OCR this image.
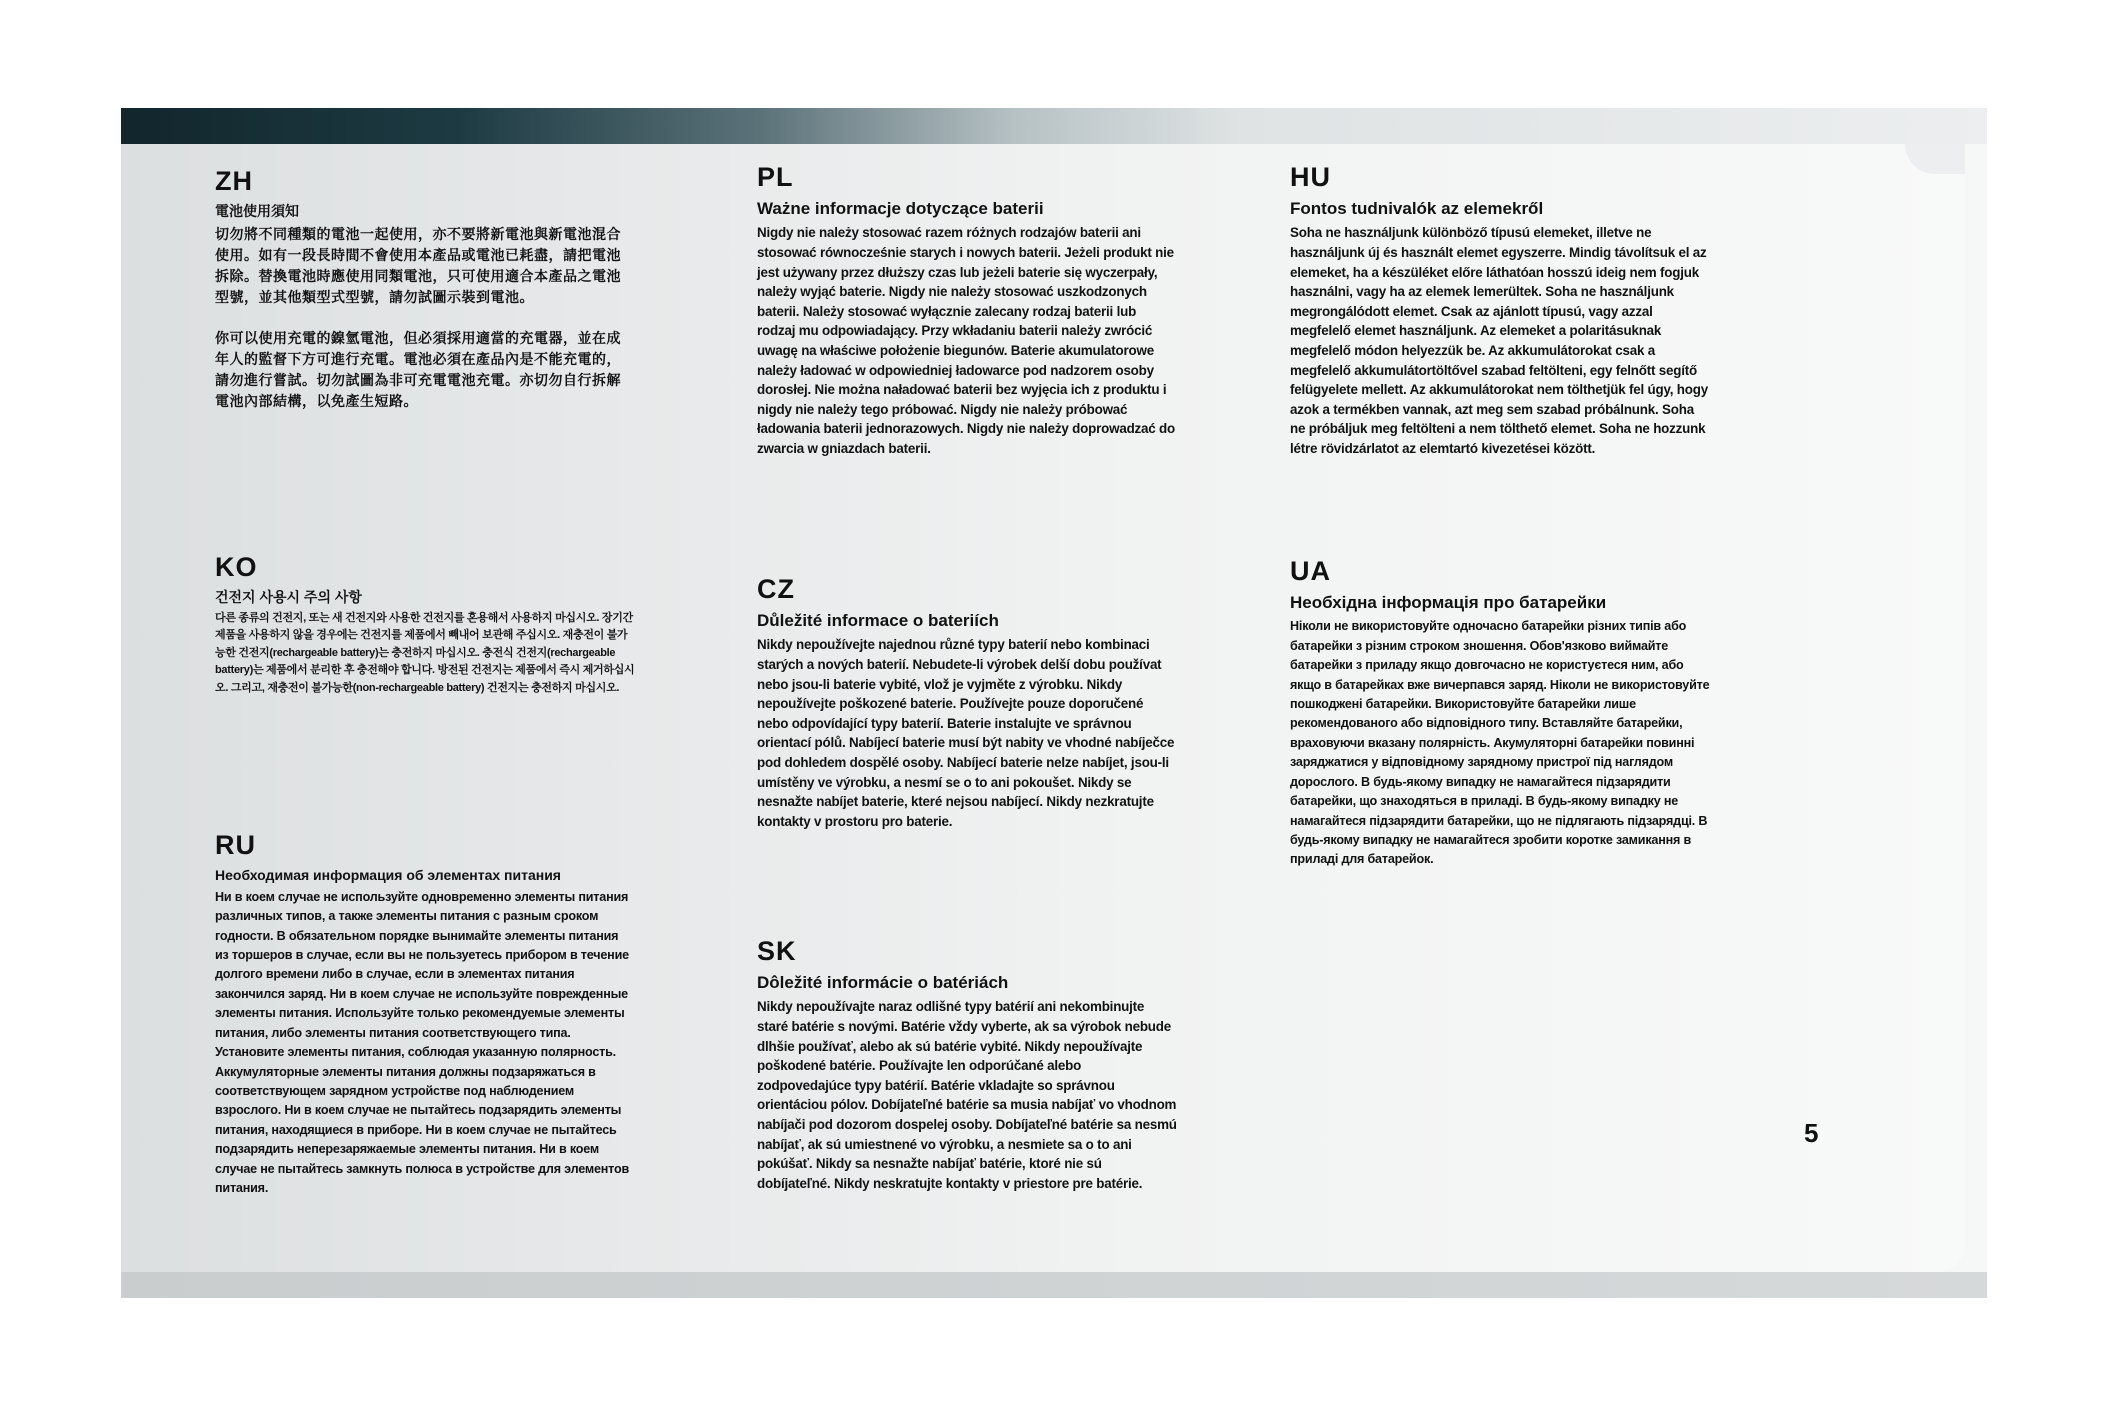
ZH
電池使用須知

切勿將不同種類的電池一起使用，亦不要將新電池與新電池混合使用。如有一段長時間不會使用本產品或電池已耗盡，請把電池拆除。替換電池時應使用同類電池，只可使用適合本產品之電池型號，並其他類型式型號，請勿試圖示裝到電池。

你可以使用充電的鎳氫電池，但必須採用適當的充電器，並在成年人的監督下方可進行充電。電池必須在產品內是不能充電的，請勿進行嘗試。切勿試圖為非可充電電池充電。亦切勿自行拆解電池內部結構，以免產生短路。

KO
건전지 사용시 주의 사항

다른 종류의 건전지, 또는 새 건전지와 사용한 건전지를 혼용해서 사용하지 마십시오. 장기간 제품을 사용하지 않을 경우에는 건전지를 제품에서 빼내어 보관해 주십시오. 재충전이 불가능한 건전지(rechargeable battery)는 충전하지 마십시오. 충전식 건전지(rechargeable battery)는 제품에서 분리한 후 충전해야 합니다. 방전된 건전지는 제품에서 즉시 제거하십시오. 그리고, 재충전이 불가능한(non-rechargeable battery) 건전지는 충전하지 마십시오.

RU
Необходимая информация об элементах питания

Ни в коем случае не используйте одновременно элементы питания различных типов, а также элементы питания с разным сроком годности. В обязательном порядке вынимайте элементы питания из торшеров в случае, если вы не пользуетесь прибором в течение долгого времени либо в случае, если в элементах питания закончился заряд. Ни в коем случае не используйте поврежденные элементы питания. Используйте только рекомендуемые элементы питания, либо элементы питания соответствующего типа. Установите элементы питания, соблюдая указанную полярность. Аккумуляторные элементы питания должны подзаряжаться в соответствующем зарядном устройстве под наблюдением взрослого. Ни в коем случае не пытайтесь подзарядить элементы питания, находящиеся в приборе. Ни в коем случае не пытайтесь подзарядить неперезаряжаемые элементы питания. Ни в коем случае не пытайтесь замкнуть полюса в устройстве для элементов питания.

PL
Ważne informacje dotyczące baterii

Nigdy nie należy stosować razem różnych rodzajów baterii ani stosować równocześnie starych i nowych baterii. Jeżeli produkt nie jest używany przez dłuższy czas lub jeżeli baterie się wyczerpały, należy wyjąć baterie. Nigdy nie należy stosować uszkodzonych baterii. Należy stosować wyłącznie zalecany rodzaj baterii lub rodzaj mu odpowiadający. Przy wkładaniu baterii należy zwrócić uwagę na właściwe położenie biegunów. Baterie akumulatorowe należy ładować w odpowiedniej ładowarce pod nadzorem osoby dorosłej. Nie można naładować baterii bez wyjęcia ich z produktu i nigdy nie należy tego próbować. Nigdy nie należy próbować ładowania baterii jednorazowych. Nigdy nie należy doprowadzać do zwarcia w gniazdach baterii.

CZ
Důležité informace o bateriích

Nikdy nepoužívejte najednou různé typy baterií nebo kombinaci starých a nových baterií. Nebudete-li výrobek delší dobu používat nebo jsou-li baterie vybité, vlož je vyjměte z výrobku. Nikdy nepoužívejte poškozené baterie. Používejte pouze doporučené nebo odpovídající typy baterií. Baterie instalujte ve správnou orientací pólů. Nabíjecí baterie musí být nabity ve vhodné nabíječce pod dohledem dospělé osoby. Nabíjecí baterie nelze nabíjet, jsou-li umístěny ve výrobku, a nesmí se o to ani pokoušet. Nikdy se nesnažte nabíjet baterie, které nejsou nabíjecí. Nikdy nezkratujte kontakty v prostoru pro baterie.

SK
Dôležité informácie o batériách

Nikdy nepoužívajte naraz odlišné typy batérií ani nekombinujte staré batérie s novými. Batérie vždy vyberte, ak sa výrobok nebude dlhšie používať, alebo ak sú batérie vybité. Nikdy nepoužívajte poškodené batérie. Používajte len odporúčané alebo zodpovedajúce typy batérií. Batérie vkladajte so správnou orientáciou pólov. Dobíjateľné batérie sa musia nabíjať vo vhodnom nabíjači pod dozorom dospelej osoby. Dobíjateľné batérie sa nesmú nabíjať, ak sú umiestnené vo výrobku, a nesmiete sa o to ani pokúšať. Nikdy sa nesnažte nabíjať batérie, ktoré nie sú dobíjateľné. Nikdy neskratujte kontakty v priestore pre batérie.

HU
Fontos tudnivalók az elemekről

Soha ne használjunk különböző típusú elemeket, illetve ne használjunk új és használt elemet egyszerre. Mindig távolítsuk el az elemeket, ha a készüléket előre láthatóan hosszú ideig nem fogjuk használni, vagy ha az elemek lemerültek. Soha ne használjunk megrongálódott elemet. Csak az ajánlott típusú, vagy azzal megfelelő elemet használjunk. Az elemeket a polaritásuknak megfelelő módon helyezzük be. Az akkumulátorokat csak a megfelelő akkumulátortöltővel szabad feltölteni, egy felnőtt segítő felügyelete mellett. Az akkumulátorokat nem tölthetjük fel úgy, hogy azok a termékben vannak, azt meg sem szabad próbálnunk. Soha ne próbáljuk meg feltölteni a nem tölthető elemet. Soha ne hozzunk létre rövidzárlatot az elemtartó kivezetései között.

UA
Необхідна інформація про батарейки

Ніколи не використовуйте одночасно батарейки різних типів або батарейки з різним строком зношення. Обов'язково виймайте батарейки з приладу якщо довгочасно не користуєтеся ним, або якщо в батарейках вже вичерпався заряд. Ніколи не використовуйте пошкоджені батарейки. Використовуйте батарейки лише рекомендованого або відповідного типу. Вставляйте батарейки, враховуючи вказану полярність. Акумуляторні батарейки повинні заряджатися у відповідному зарядному пристрої під наглядом дорослого. В будь-якому випадку не намагайтеся підзарядити батарейки, що знаходяться в приладі. В будь-якому випадку не намагайтеся підзарядити батарейки, що не підлягають підзарядці. В будь-якому випадку не намагайтеся зробити коротке замикання в приладі для батарейок.

5
